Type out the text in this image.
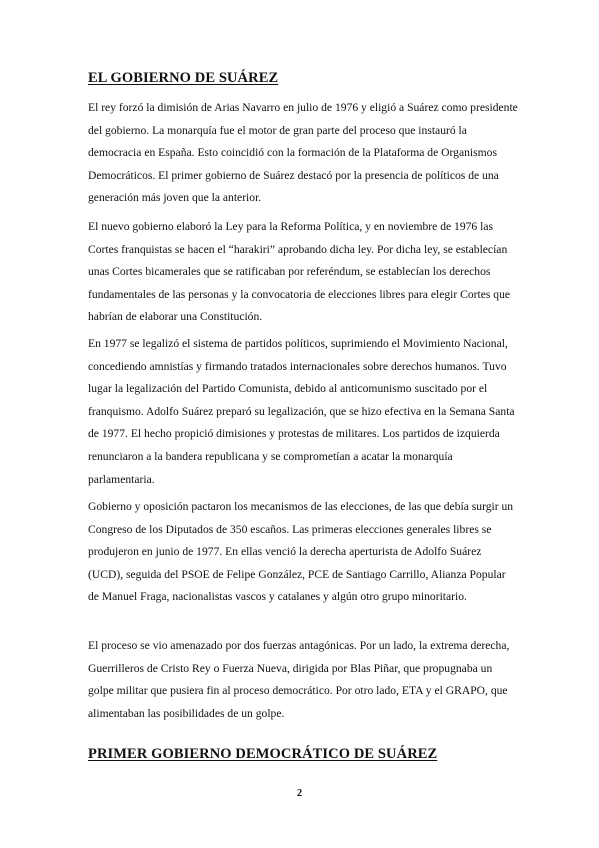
EL GOBIERNO DE SUÁREZ

El rey forzó la dimisión de Arias Navarro en julio de 1976 y eligió a Suárez como presidente del gobierno. La monarquía fue el motor de gran parte del proceso que instauró la democracia en España. Esto coincidió con la formación de la Plataforma de Organismos Democráticos. El primer gobierno de Suárez destacó por la presencia de políticos de una generación más joven que la anterior.

El nuevo gobierno elaboró la Ley para la Reforma Política, y en noviembre de 1976 las Cortes franquistas se hacen el “harakiri” aprobando dicha ley. Por dicha ley, se establecían unas Cortes bicamerales que se ratificaban por referéndum, se establecían los derechos fundamentales de las personas y la convocatoria de elecciones libres para elegir Cortes que habrían de elaborar una Constitución.

En 1977 se legalizó el sistema de partidos políticos, suprimiendo el Movimiento Nacional, concediendo amnistías y firmando tratados internacionales sobre derechos humanos. Tuvo lugar la legalización del Partido Comunista, debido al anticomunismo suscitado por el franquismo. Adolfo Suárez preparó su legalización, que se hizo efectiva en la Semana Santa de 1977. El hecho propició dimisiones y protestas de militares. Los partidos de izquierda renunciaron a la bandera republicana y se comprometían a acatar la monarquía parlamentaria.

Gobierno y oposición pactaron los mecanismos de las elecciones, de las que debía surgir un Congreso de los Diputados de 350 escaños. Las primeras elecciones generales libres se produjeron en junio de 1977. En ellas venció la derecha aperturista de Adolfo Suárez (UCD), seguida del PSOE de Felipe González, PCE de Santiago Carrillo, Alianza Popular de Manuel Fraga, nacionalistas vascos y catalanes y algún otro grupo minoritario.

El proceso se vio amenazado por dos fuerzas antagónicas. Por un lado, la extrema derecha, Guerrilleros de Cristo Rey o Fuerza Nueva, dirigida por Blas Piñar, que propugnaba un golpe militar que pusiera fin al proceso democrático. Por otro lado, ETA y el GRAPO, que alimentaban las posibilidades de un golpe.

PRIMER GOBIERNO DEMOCRÁTICO DE SUÁREZ
2
